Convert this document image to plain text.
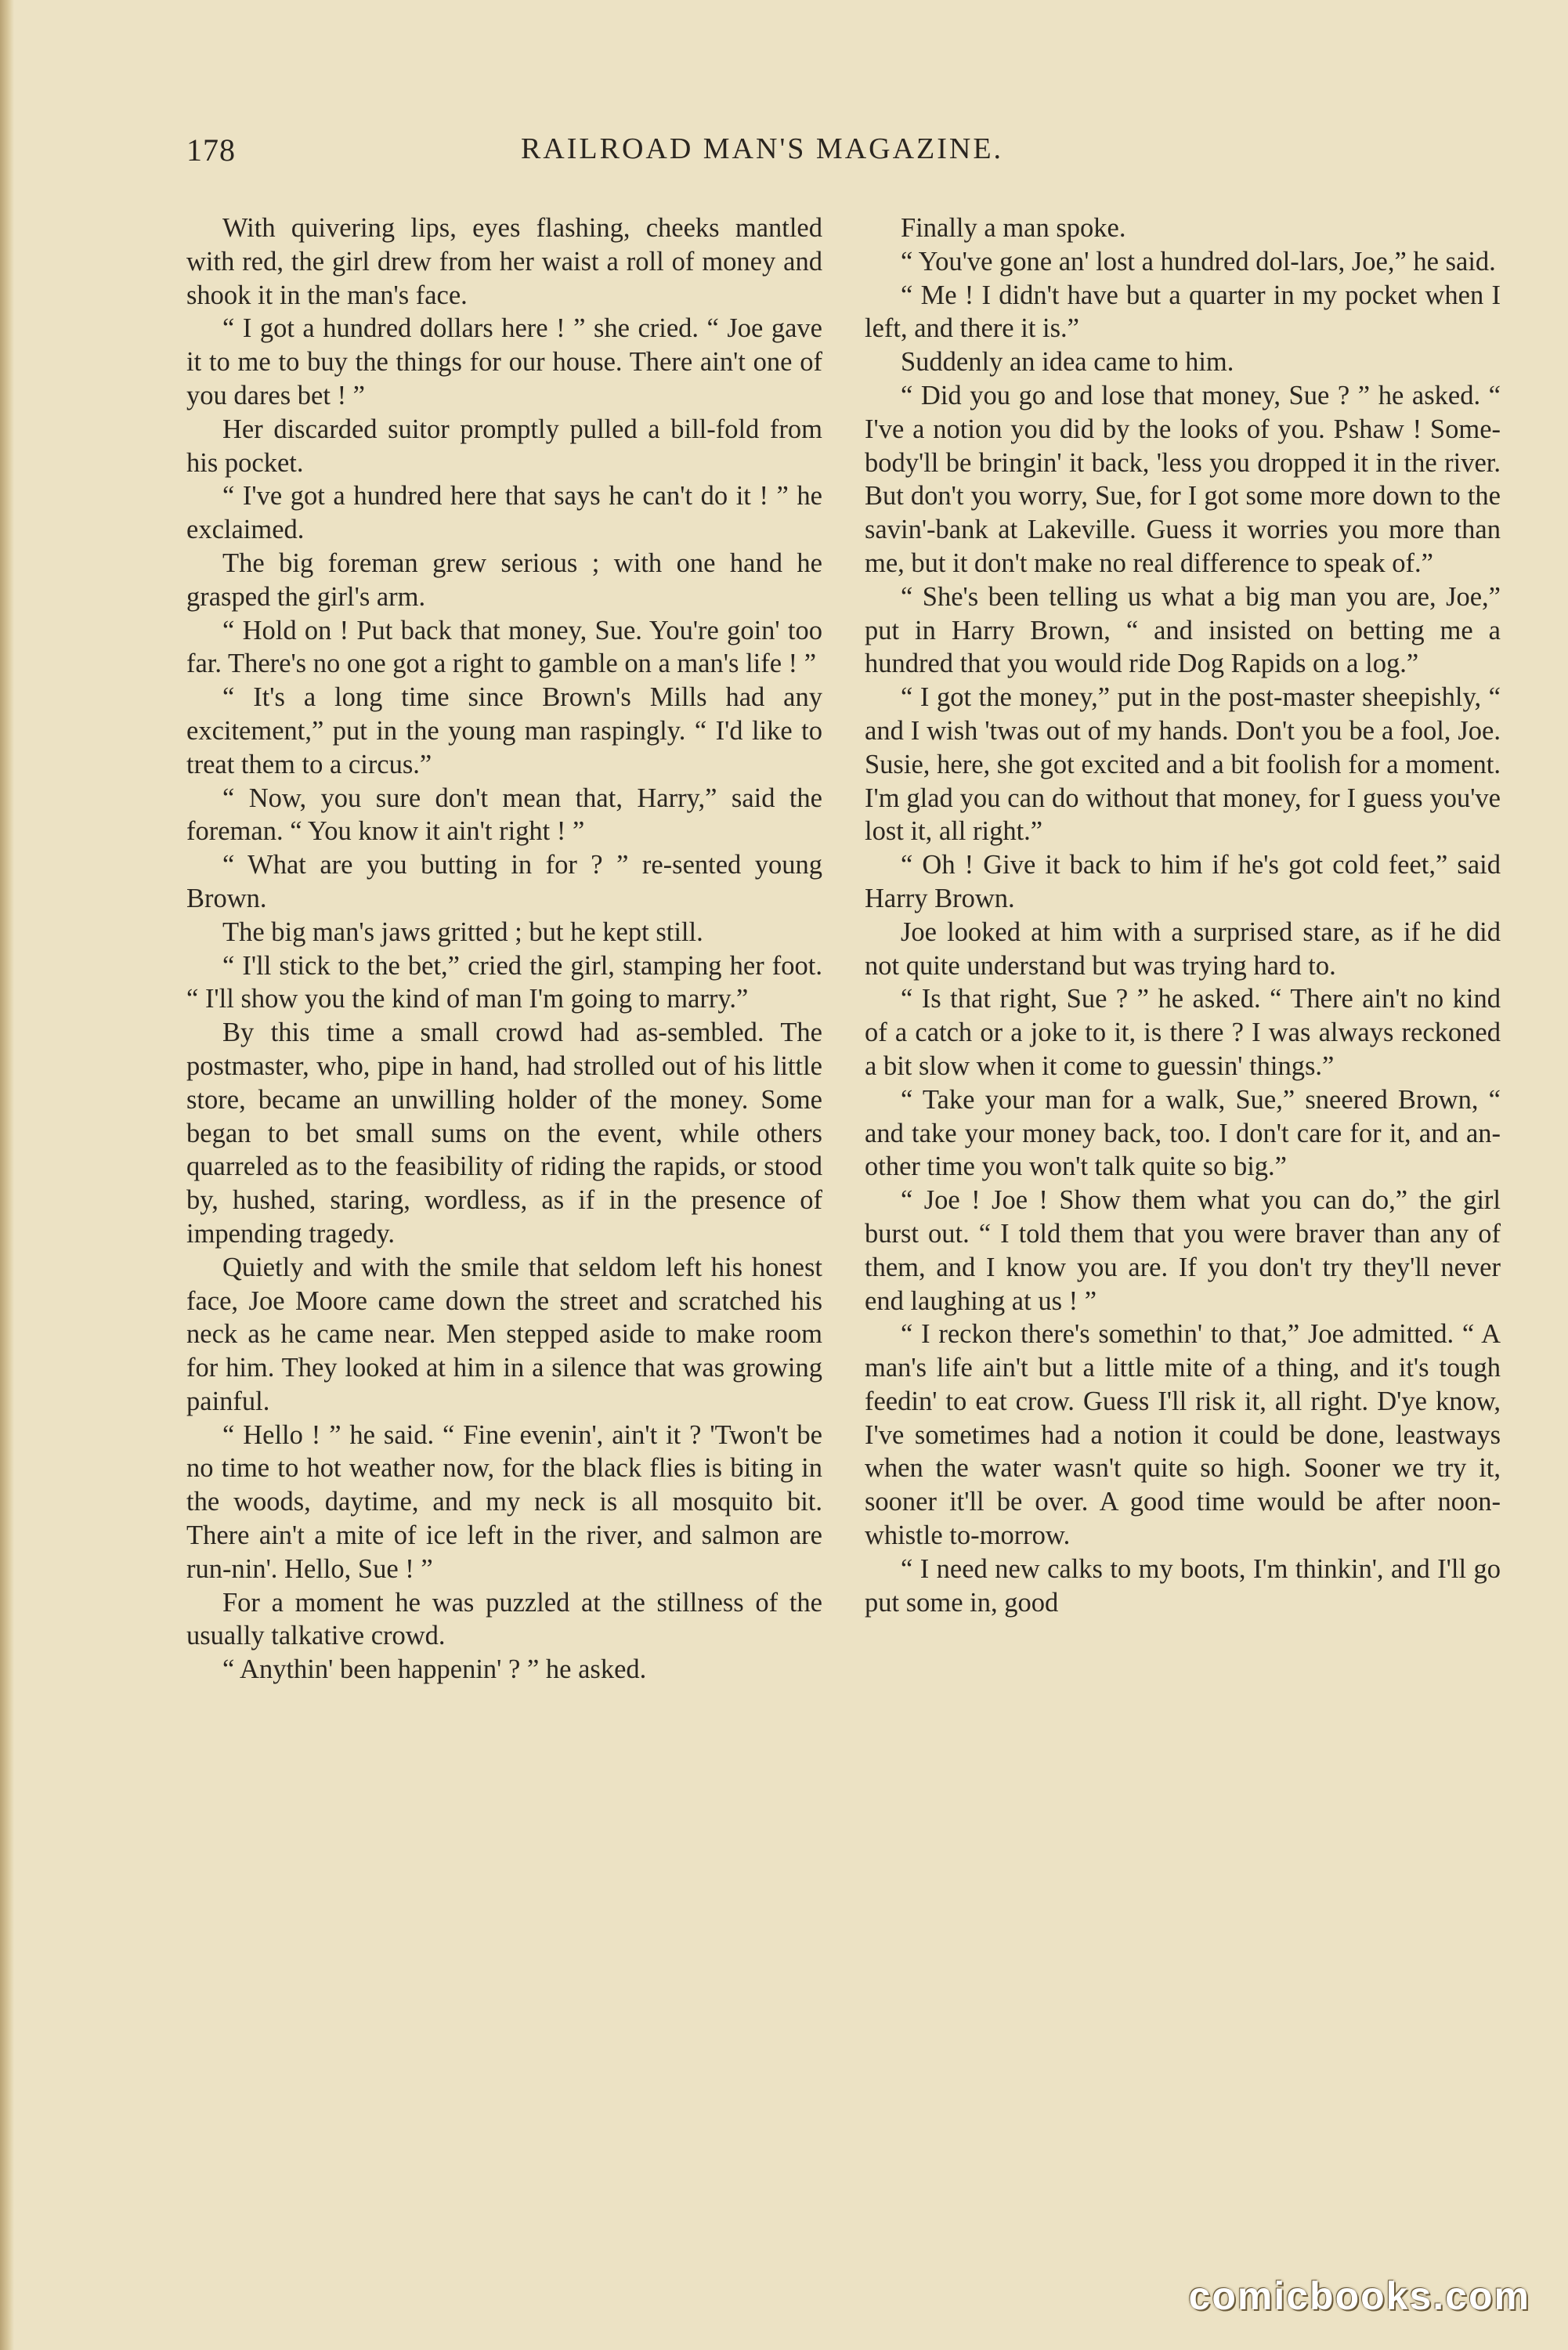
178	RAILROAD MAN'S MAGAZINE.

With quivering lips, eyes flashing, cheeks mantled with red, the girl drew from her waist a roll of money and shook it in the man's face.

“ I got a hundred dollars here ! ” she cried. “ Joe gave it to me to buy the things for our house. There ain't one of you dares bet ! ”

Her discarded suitor promptly pulled a bill-fold from his pocket.

“ I've got a hundred here that says he can't do it ! ” he exclaimed.

The big foreman grew serious ; with one hand he grasped the girl's arm.

“ Hold on ! Put back that money, Sue. You're goin' too far. There's no one got a right to gamble on a man's life ! ”

“ It's a long time since Brown's Mills had any excitement,” put in the young man raspingly. “ I'd like to treat them to a circus.”

“ Now, you sure don't mean that, Harry,” said the foreman. “ You know it ain't right ! ”

“ What are you butting in for ? ” re-sented young Brown.

The big man's jaws gritted ; but he kept still.

“ I'll stick to the bet,” cried the girl, stamping her foot. “ I'll show you the kind of man I'm going to marry.”

By this time a small crowd had as-sembled. The postmaster, who, pipe in hand, had strolled out of his little store, became an unwilling holder of the money. Some began to bet small sums on the event, while others quarreled as to the feasibility of riding the rapids, or stood by, hushed, staring, wordless, as if in the presence of impending tragedy.

Quietly and with the smile that seldom left his honest face, Joe Moore came down the street and scratched his neck as he came near. Men stepped aside to make room for him. They looked at him in a silence that was growing painful.

“ Hello ! ” he said. “ Fine evenin', ain't it ? 'Twon't be no time to hot weather now, for the black flies is biting in the woods, daytime, and my neck is all mosquito bit. There ain't a mite of ice left in the river, and salmon are run-nin'. Hello, Sue ! ”

For a moment he was puzzled at the stillness of the usually talkative crowd.

“ Anythin' been happenin' ? ” he asked.

Finally a man spoke.

“ You've gone an' lost a hundred dol-lars, Joe,” he said.

“ Me ! I didn't have but a quarter in my pocket when I left, and there it is.”

Suddenly an idea came to him.

“ Did you go and lose that money, Sue ? ” he asked. “ I've a notion you did by the looks of you. Pshaw ! Some-body'll be bringin' it back, 'less you dropped it in the river. But don't you worry, Sue, for I got some more down to the savin'-bank at Lakeville. Guess it worries you more than me, but it don't make no real difference to speak of.”

“ She's been telling us what a big man you are, Joe,” put in Harry Brown, “ and insisted on betting me a hundred that you would ride Dog Rapids on a log.”

“ I got the money,” put in the post-master sheepishly, “ and I wish 'twas out of my hands. Don't you be a fool, Joe. Susie, here, she got excited and a bit foolish for a moment. I'm glad you can do without that money, for I guess you've lost it, all right.”

“ Oh ! Give it back to him if he's got cold feet,” said Harry Brown.

Joe looked at him with a surprised stare, as if he did not quite understand but was trying hard to.

“ Is that right, Sue ? ” he asked. “ There ain't no kind of a catch or a joke to it, is there ? I was always reckoned a bit slow when it come to guessin' things.”

“ Take your man for a walk, Sue,” sneered Brown, “ and take your money back, too. I don't care for it, and an-other time you won't talk quite so big.”

“ Joe ! Joe ! Show them what you can do,” the girl burst out. “ I told them that you were braver than any of them, and I know you are. If you don't try they'll never end laughing at us ! ”

“ I reckon there's somethin' to that,” Joe admitted. “ A man's life ain't but a little mite of a thing, and it's tough feedin' to eat crow. Guess I'll risk it, all right. D'ye know, I've sometimes had a notion it could be done, leastways when the water wasn't quite so high. Sooner we try it, sooner it'll be over. A good time would be after noon-whistle to-morrow.

“ I need new calks to my boots, I'm thinkin', and I'll go put some in, good

comicbooks.com
